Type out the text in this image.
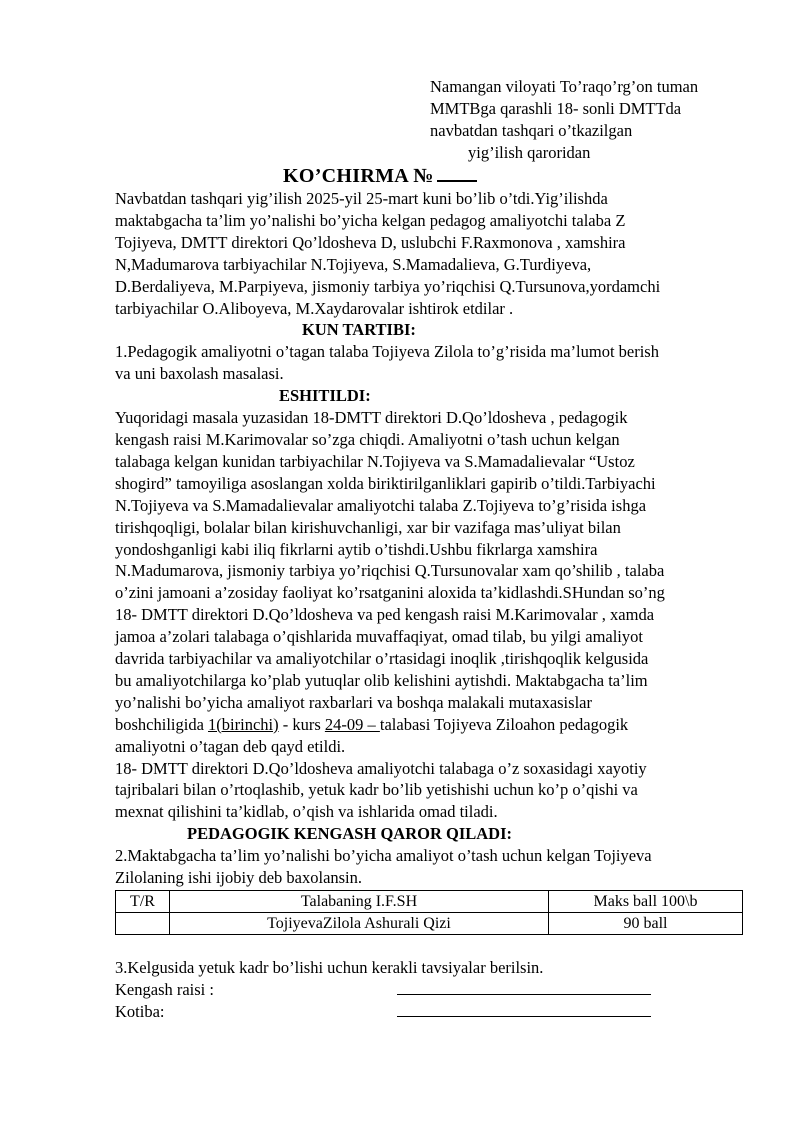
Namangan viloyati To’raqo’rg’on tuman
MMTBga qarashli 18- sonli DMTTda
navbatdan tashqari o’tkazilgan
yig’ilish qaroridan
KO’CHIRMA №

Navbatdan tashqari yig’ilish 2025-yil 25-mart kuni bo’lib o’tdi.Yig’ilishda

maktabgacha ta’lim yo’nalishi bo’yicha kelgan pedagog amaliyotchi talaba Z

Tojiyeva, DMTT direktori Qo’ldosheva D, uslubchi F.Raxmonova , xamshira

N,Madumarova tarbiyachilar N.Tojiyeva, S.Mamadalieva, G.Turdiyeva,

D.Berdaliyeva, M.Parpiyeva, jismoniy tarbiya yo’riqchisi Q.Tursunova,yordamchi

tarbiyachilar O.Aliboyeva, M.Xaydarovalar ishtirok etdilar .

KUN TARTIBI:

1.Pedagogik amaliyotni o’tagan talaba Tojiyeva Zilola to’g’risida ma’lumot berish

va uni baxolash masalasi.

ESHITILDI:

Yuqoridagi masala yuzasidan 18-DMTT direktori D.Qo’ldosheva , pedagogik

kengash raisi M.Karimovalar so’zga chiqdi. Amaliyotni o’tash uchun kelgan

talabaga kelgan kunidan tarbiyachilar N.Tojiyeva va S.Mamadalievalar “Ustoz

shogird” tamoyiliga asoslangan xolda biriktirilganliklari gapirib o’tildi.Tarbiyachi

N.Tojiyeva va S.Mamadalievalar amaliyotchi talaba Z.Tojiyeva to’g’risida ishga

tirishqoqligi, bolalar bilan kirishuvchanligi, xar bir vazifaga mas’uliyat bilan

yondoshganligi kabi iliq fikrlarni aytib o’tishdi.Ushbu fikrlarga xamshira

N.Madumarova, jismoniy tarbiya yo’riqchisi Q.Tursunovalar xam qo’shilib , talaba

o’zini jamoani a’zosiday faoliyat ko’rsatganini aloxida ta’kidlashdi.SHundan so’ng

18- DMTT direktori D.Qo’ldosheva va ped kengash raisi M.Karimovalar , xamda

jamoa a’zolari talabaga o’qishlarida muvaffaqiyat, omad tilab, bu yilgi amaliyot

davrida tarbiyachilar va amaliyotchilar o’rtasidagi inoqlik ,tirishqoqlik kelgusida

bu amaliyotchilarga ko’plab yutuqlar olib kelishini aytishdi. Maktabgacha ta’lim

yo’nalishi bo’yicha amaliyot raxbarlari va boshqa malakali mutaxasislar

boshchiligida 1(birinchi) - kurs 24-09 – talabasi Tojiyeva Ziloahon pedagogik

amaliyotni o’tagan deb qayd etildi.

18- DMTT direktori D.Qo’ldosheva amaliyotchi talabaga o’z soxasidagi xayotiy

tajribalari bilan o’rtoqlashib, yetuk kadr bo’lib yetishishi uchun ko’p o’qishi va

mexnat qilishini ta’kidlab, o’qish va ishlarida omad tiladi.

PEDAGOGIK KENGASH QAROR QILADI:

2.Maktabgacha ta’lim yo’nalishi bo’yicha amaliyot o’tash uchun kelgan Tojiyeva

Zilolaning ishi ijobiy deb baxolansin.

T/R	Talabaning I.F.SH	Maks ball 100\b
	TojiyevaZilola Ashurali Qizi	90 ball

3.Kelgusida yetuk kadr bo’lishi uchun kerakli tavsiyalar berilsin.

Kengash raisi :
Kotiba:
